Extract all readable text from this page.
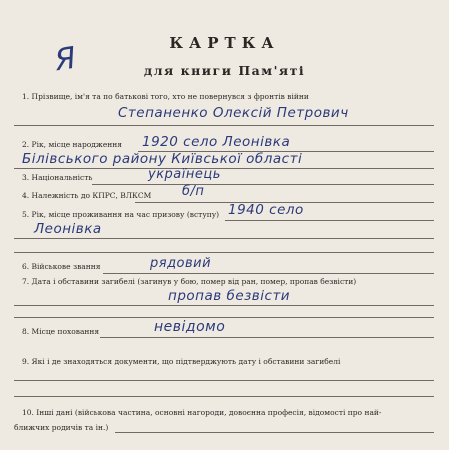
Я	КАРТКА
для книги Пам'яті
1. Прізвище, ім'я та по батькові того, хто не повернувся з фронтів війни
Степаненко Олексій Петрович
2. Рік, місце народження 1920 село Леонівка
Білівського району Київської області
3. Національність	українець
4. Належність до КПРС, ВЛКСМ б/п
5. Рік, місце проживання на час призову (вступу) 1940 село
Леонівка
6. Військове звання	рядовий
7. Дата і обставини загибелі (загинув у бою, помер від ран, помер, пропав безвісти)
пропав безвісти
8. Місце поховання	невідомо
9. Які і де знаходяться документи, що підтверджують дату і обставини загибелі
10. Інші дані (військова частина, основні нагороди, довоєнна професія, відомості про най-
ближчих родичів та ін.)
